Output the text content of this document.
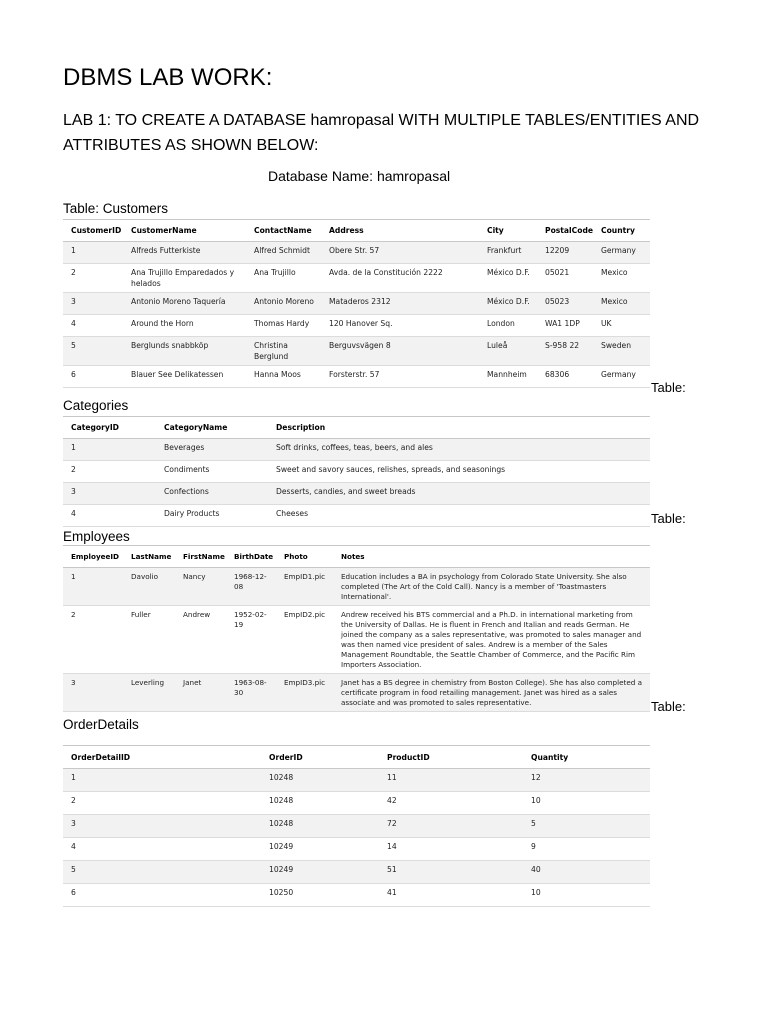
DBMS LAB WORK:
LAB 1: TO CREATE A DATABASE hamropasal WITH MULTIPLE TABLES/ENTITIES AND
ATTRIBUTES AS SHOWN BELOW:
Database Name: hamropasal
Table: Customers
CustomerID	CustomerName	ContactName	Address	City	PostalCode	Country
1	Alfreds Futterkiste	Alfred Schmidt	Obere Str. 57	Frankfurt	12209	Germany
2	Ana Trujillo Emparedados y helados	Ana Trujillo	Avda. de la Constitución 2222	México D.F.	05021	Mexico
3	Antonio Moreno Taquería	Antonio Moreno	Mataderos 2312	México D.F.	05023	Mexico
4	Around the Horn	Thomas Hardy	120 Hanover Sq.	London	WA1 1DP	UK
5	Berglunds snabbköp	Christina Berglund	Berguvsvägen 8	Luleå	S-958 22	Sweden
6	Blauer See Delikatessen	Hanna Moos	Forsterstr. 57	Mannheim	68306	Germany
Table:
Categories
CategoryID	CategoryName	Description
1	Beverages	Soft drinks, coffees, teas, beers, and ales
2	Condiments	Sweet and savory sauces, relishes, spreads, and seasonings
3	Confections	Desserts, candies, and sweet breads
4	Dairy Products	Cheeses	Table:
Employees
EmployeeID	LastName	FirstName	BirthDate	Photo	Notes
1	Davolio	Nancy	1968-12-08	EmpID1.pic	Education includes a BA in psychology from Colorado State University. She also completed (The Art of the Cold Call). Nancy is a member of 'Toastmasters International'.
2	Fuller	Andrew	1952-02-19	EmpID2.pic	Andrew received his BTS commercial and a Ph.D. in international marketing from the University of Dallas. He is fluent in French and Italian and reads German. He joined the company as a sales representative, was promoted to sales manager and was then named vice president of sales. Andrew is a member of the Sales Management Roundtable, the Seattle Chamber of Commerce, and the Pacific Rim Importers Association.
3	Leverling	Janet	1963-08-30	EmpID3.pic	Janet has a BS degree in chemistry from Boston College). She has also completed a certificate program in food retailing management. Janet was hired as a sales associate and was promoted to sales representative.	Table:
OrderDetails
OrderDetailID	OrderID	ProductID	Quantity
1	10248	11	12
2	10248	42	10
3	10248	72	5
4	10249	14	9
5	10249	51	40
6	10250	41	10
